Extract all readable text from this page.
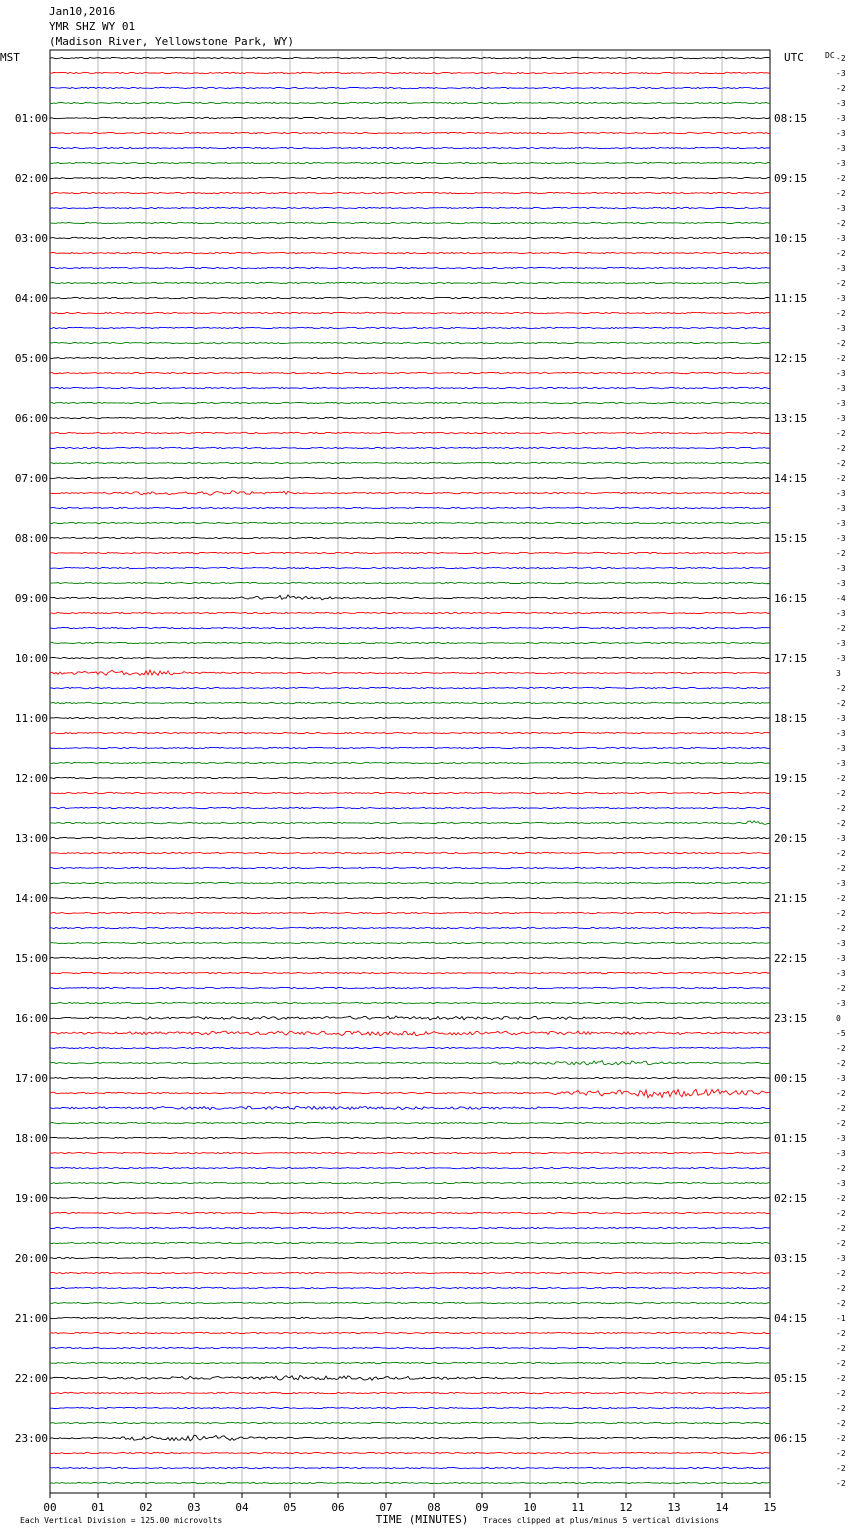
Jan10,2016
YMR SHZ WY 01
(Madison River, Yellowstone Park, WY)
-2
-3
-2
-3
-3
-3
-3
-3
-2
-2
-3
-2
-3
-2
-3
-2
-3
-2
-3
-2
-2
-3
-3
-3
-3
-2
-2
-2
-2
-3
-3
-3
-3
-2
-3
-3
-4
-3
-2
-3
-3
3
-2
-2
-3
-3
-3
-3
-2
-2
-2
-2
-3
-2
-2
-3
-2
-2
-2
-3
-3
-3
-2
-3
0
-5
-2
-2
-3
-2
-2
-2
-3
-3
-2
-3
-2
-2
-2
-2
-3
-2
-2
-2
-1
-2
-2
-2
-2
-2
-2
-2
-2
-2
-2
-2
MST	UTC	DC
01:00
02:00
03:00
04:00
05:00
06:00
07:00
08:00
09:00
10:00
11:00
12:00
13:00
14:00
15:00
16:00
17:00
18:00
19:00
20:00
21:00
22:00
23:00
08:15
09:15
10:15
11:15
12:15
13:15
14:15
15:15
16:15
17:15
18:15
19:15
20:15
21:15
22:15
23:15
00:15
01:15
02:15
03:15
04:15
05:15
06:15
00	01	02	03	04	05	06	07	08	09	10	11	12	13	14	15
TIME (MINUTES)
Each Vertical Division = 125.00 microvolts	Traces clipped at plus/minus 5 vertical divisions
